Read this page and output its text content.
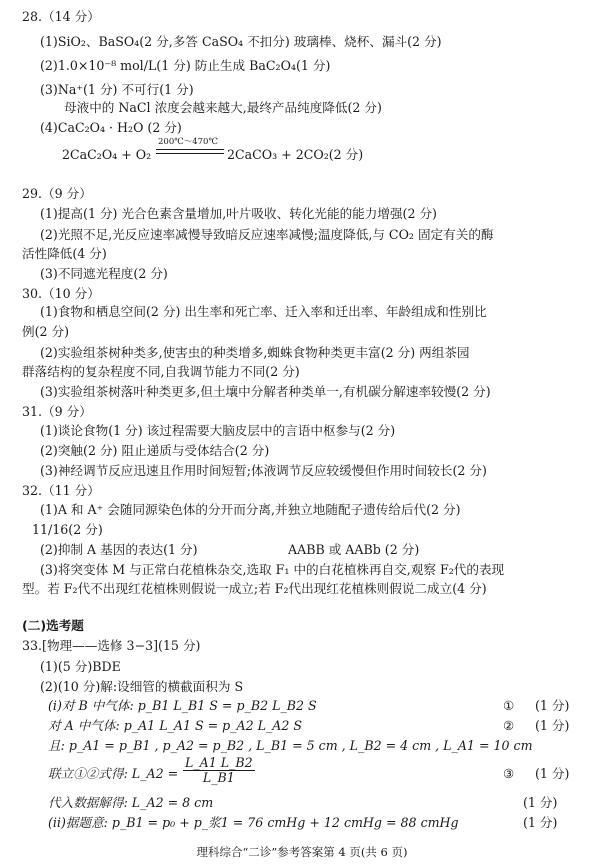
28.（14 分）
(1)SiO₂、BaSO₄(2 分,多答 CaSO₄ 不扣分) 玻璃棒、烧杯、漏斗(2 分)
(2)1.0×10⁻⁸ mol/L(1 分) 防止生成 BaC₂O₄(1 分)
(3)Na⁺(1 分) 不可行(1 分)
母液中的 NaCl 浓度会越来越大,最终产品纯度降低(2 分)
(4)CaC₂O₄ · H₂O (2 分)
2CaC₂O₄ + O₂
200℃～470℃
2CaCO₃ + 2CO₂(2 分)
29.（9 分）
(1)提高(1 分) 光合色素含量增加,叶片吸收、转化光能的能力增强(2 分)
(2)光照不足,光反应速率减慢导致暗反应速率减慢;温度降低,与 CO₂ 固定有关的酶
活性降低(4 分)
(3)不同遮光程度(2 分)
30.（10 分）
(1)食物和栖息空间(2 分) 出生率和死亡率、迁入率和迁出率、年龄组成和性别比
例(2 分)
(2)实验组茶树种类多,使害虫的种类增多,蜘蛛食物种类更丰富(2 分) 两组茶园
群落结构的复杂程度不同,自我调节能力不同(2 分)
(3)实验组茶树落叶种类更多,但土壤中分解者种类单一,有机碳分解速率较慢(2 分)
31.（9 分）
(1)谈论食物(1 分) 该过程需要大脑皮层中的言语中枢参与(2 分)
(2)突触(2 分) 阻止递质与受体结合(2 分)
(3)神经调节反应迅速且作用时间短暂;体液调节反应较缓慢但作用时间较长(2 分)
32.（11 分）
(1)A 和 A⁺ 会随同源染色体的分开而分离,并独立地随配子遗传给后代(2 分)
11/16(2 分)
(2)抑制 A 基因的表达(1 分)	AABB 或 AABb (2 分)
(3)将突变体 M 与正常白花植株杂交,选取 F₁ 中的白花植株再自交,观察 F₂代的表现
型。若 F₂代不出现红花植株则假说一成立;若 F₂代出现红花植株则假说二成立(4 分)
(二)选考题
33.[物理——选修 3−3](15 分)
(1)(5 分)BDE
(2)(10 分)解:设细管的横截面积为 S
(ⅰ)对 B 中气体: p_B1 L_B1 S = p_B2 L_B2 S	① (1 分)
对 A 中气体: p_A1 L_A1 S = p_A2 L_A2 S	② (1 分)
且: p_A1 = p_B1 , p_A2 = p_B2 , L_B1 = 5 cm , L_B2 = 4 cm , L_A1 = 10 cm
联立①②式得: L_A2 = $\frac{L\_A1 L\_B2}{L\_B1}$	③ (1 分)
代入数据解得: L_A2 = 8 cm	(1 分)
(ⅱ)据题意: p_B1 = p₀ + p_浆1 = 76 cmHg + 12 cmHg = 88 cmHg	(1 分)
理科综合“二诊”参考答案第 4 页(共 6 页)
